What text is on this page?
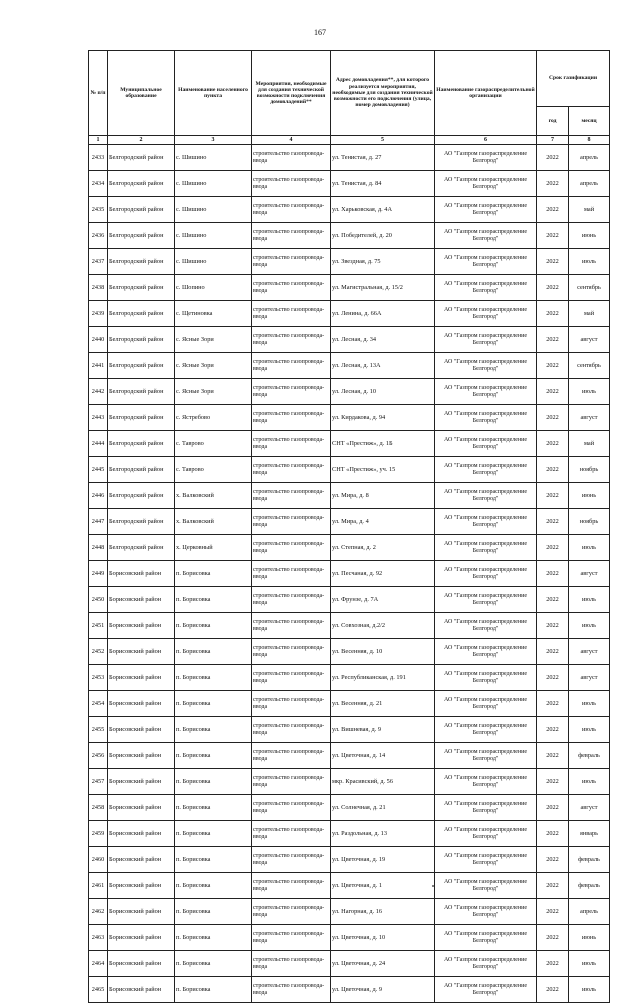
167
№ п/п	Муниципальное образование	Наименование населенного пункта	Мероприятия, необходимые для создания технической возможности подключения домовладений**	Адрес домовладения**, для которого реализуется мероприятия, необходимые для создания технической возможности его подключения (улица, номер домовладения)	Наименование газораспределительной организации	Срок газификации	
						год	месяц
1	2	3	4	5	6	7	8
2433	Белгородский район	с. Шишино	строительство газопровода-ввода	ул. Тенистая, д. 27	АО "Газпром газораспределение Белгород"	2022	апрель
2434	Белгородский район	с. Шишино	строительство газопровода-ввода	ул. Тенистая, д. 84	АО "Газпром газораспределение Белгород"	2022	апрель
2435	Белгородский район	с. Шишино	строительство газопровода-ввода	ул. Харьковская, д. 4А	АО "Газпром газораспределение Белгород"	2022	май
2436	Белгородский район	с. Шишино	строительство газопровода-ввода	ул. Победителей, д. 20	АО "Газпром газораспределение Белгород"	2022	июнь
2437	Белгородский район	с. Шишино	строительство газопровода-ввода	ул. Звездная, д. 75	АО "Газпром газораспределение Белгород"	2022	июль
2438	Белгородский район	с. Шопино	строительство газопровода-ввода	ул. Магистральная, д. 15/2	АО "Газпром газораспределение Белгород"	2022	сентябрь
2439	Белгородский район	с. Щетиновка	строительство газопровода-ввода	ул. Ленина, д. 66А	АО "Газпром газораспределение Белгород"	2022	май
2440	Белгородский район	с. Ясные Зори	строительство газопровода-ввода	ул. Лесная, д. 34	АО "Газпром газораспределение Белгород"	2022	август
2441	Белгородский район	с. Ясные Зори	строительство газопровода-ввода	ул. Лесная, д. 13А	АО "Газпром газораспределение Белгород"	2022	сентябрь
2442	Белгородский район	с. Ясные Зори	строительство газопровода-ввода	ул. Лесная, д. 10	АО "Газпром газораспределение Белгород"	2022	июль
2443	Белгородский район	с. Ястребово	строительство газопровода-ввода	ул. Кирдакова, д. 94	АО "Газпром газораспределение Белгород"	2022	август
2444	Белгородский район	с. Таврово	строительство газопровода-ввода	СНТ «Престиж», д. 1Б	АО "Газпром газораспределение Белгород"	2022	май
2445	Белгородский район	с. Таврово	строительство газопровода-ввода	СНТ «Престиж», уч. 15	АО "Газпром газораспределение Белгород"	2022	ноябрь
2446	Белгородский район	х. Валковский	строительство газопровода-ввода	ул. Мира, д. 8	АО "Газпром газораспределение Белгород"	2022	июнь
2447	Белгородский район	х. Валковский	строительство газопровода-ввода	ул. Мира, д. 4	АО "Газпром газораспределение Белгород"	2022	ноябрь
2448	Белгородский район	х. Церковный	строительство газопровода-ввода	ул. Степная, д. 2	АО "Газпром газораспределение Белгород"	2022	июль
2449	Борисовский район	п. Борисовка	строительство газопровода-ввода	ул. Песчаная, д. 92	АО "Газпром газораспределение Белгород"	2022	август
2450	Борисовский район	п. Борисовка	строительство газопровода-ввода	ул. Фрунзе, д. 7А	АО "Газпром газораспределение Белгород"	2022	июль
2451	Борисовский район	п. Борисовка	строительство газопровода-ввода	ул. Совхозная, д.2/2	АО "Газпром газораспределение Белгород"	2022	июль
2452	Борисовский район	п. Борисовка	строительство газопровода-ввода	ул. Весенняя, д. 10	АО "Газпром газораспределение Белгород"	2022	август
2453	Борисовский район	п. Борисовка	строительство газопровода-ввода	ул. Республиканская, д. 191	АО "Газпром газораспределение Белгород"	2022	август
2454	Борисовский район	п. Борисовка	строительство газопровода-ввода	ул. Весенняя, д. 21	АО "Газпром газораспределение Белгород"	2022	июль
2455	Борисовский район	п. Борисовка	строительство газопровода-ввода	ул. Вишневая, д. 9	АО "Газпром газораспределение Белгород"	2022	июль
2456	Борисовский район	п. Борисовка	строительство газопровода-ввода	ул. Цветочная, д. 14	АО "Газпром газораспределение Белгород"	2022	февраль
2457	Борисовский район	п. Борисовка	строительство газопровода-ввода	мкр. Красивский, д. 56	АО "Газпром газораспределение Белгород"	2022	июль
2458	Борисовский район	п. Борисовка	строительство газопровода-ввода	ул. Солнечная, д. 21	АО "Газпром газораспределение Белгород"	2022	август
2459	Борисовский район	п. Борисовка	строительство газопровода-ввода	ул. Раздольная, д. 13	АО "Газпром газораспределение Белгород"	2022	январь
2460	Борисовский район	п. Борисовка	строительство газопровода-ввода	ул. Цветочная, д. 19	АО "Газпром газораспределение Белгород"	2022	февраль
2461	Борисовский район	п. Борисовка	строительство газопровода-ввода	ул. Цветочная, д. 1	АО "Газпром газораспределение Белгород"	2022	февраль
2462	Борисовский район	п. Борисовка	строительство газопровода-ввода	ул. Нагорная, д. 16	АО "Газпром газораспределение Белгород"	2022	апрель
2463	Борисовский район	п. Борисовка	строительство газопровода-ввода	ул. Цветочная, д. 10	АО "Газпром газораспределение Белгород"	2022	июнь
2464	Борисовский район	п. Борисовка	строительство газопровода-ввода	ул. Цветочная, д. 24	АО "Газпром газораспределение Белгород"	2022	июль
2465	Борисовский район	п. Борисовка	строительство газопровода-ввода	ул. Цветочная, д. 9	АО "Газпром газораспределение Белгород"	2022	июль
